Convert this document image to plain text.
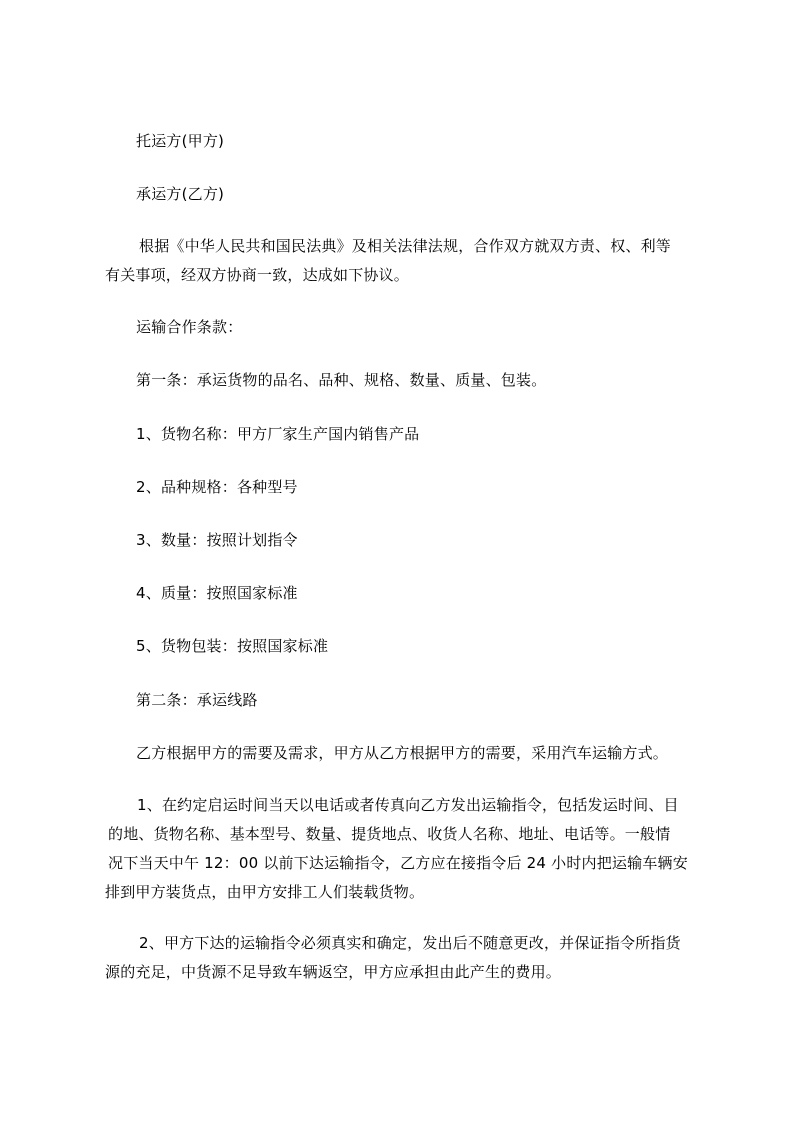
托运方(甲方)
承运方(乙方)
根据《中华人民共和国民法典》及相关法律法规，合作双方就双方责、权、利等
有关事项，经双方协商一致，达成如下协议。
运输合作条款：
第一条：承运货物的品名、品种、规格、数量、质量、包装。
1、货物名称：甲方厂家生产国内销售产品
2、品种规格：各种型号
3、数量：按照计划指令
4、质量：按照国家标准
5、货物包装：按照国家标准
第二条：承运线路
乙方根据甲方的需要及需求，甲方从乙方根据甲方的需要，采用汽车运输方式。
1、在约定启运时间当天以电话或者传真向乙方发出运输指令，包括发运时间、目
的地、货物名称、基本型号、数量、提货地点、收货人名称、地址、电话等。一般情
况下当天中午 12：00 以前下达运输指令，乙方应在接指令后 24 小时内把运输车辆安
排到甲方装货点，由甲方安排工人们装载货物。
2、甲方下达的运输指令必须真实和确定，发出后不随意更改，并保证指令所指货
源的充足，中货源不足导致车辆返空，甲方应承担由此产生的费用。
